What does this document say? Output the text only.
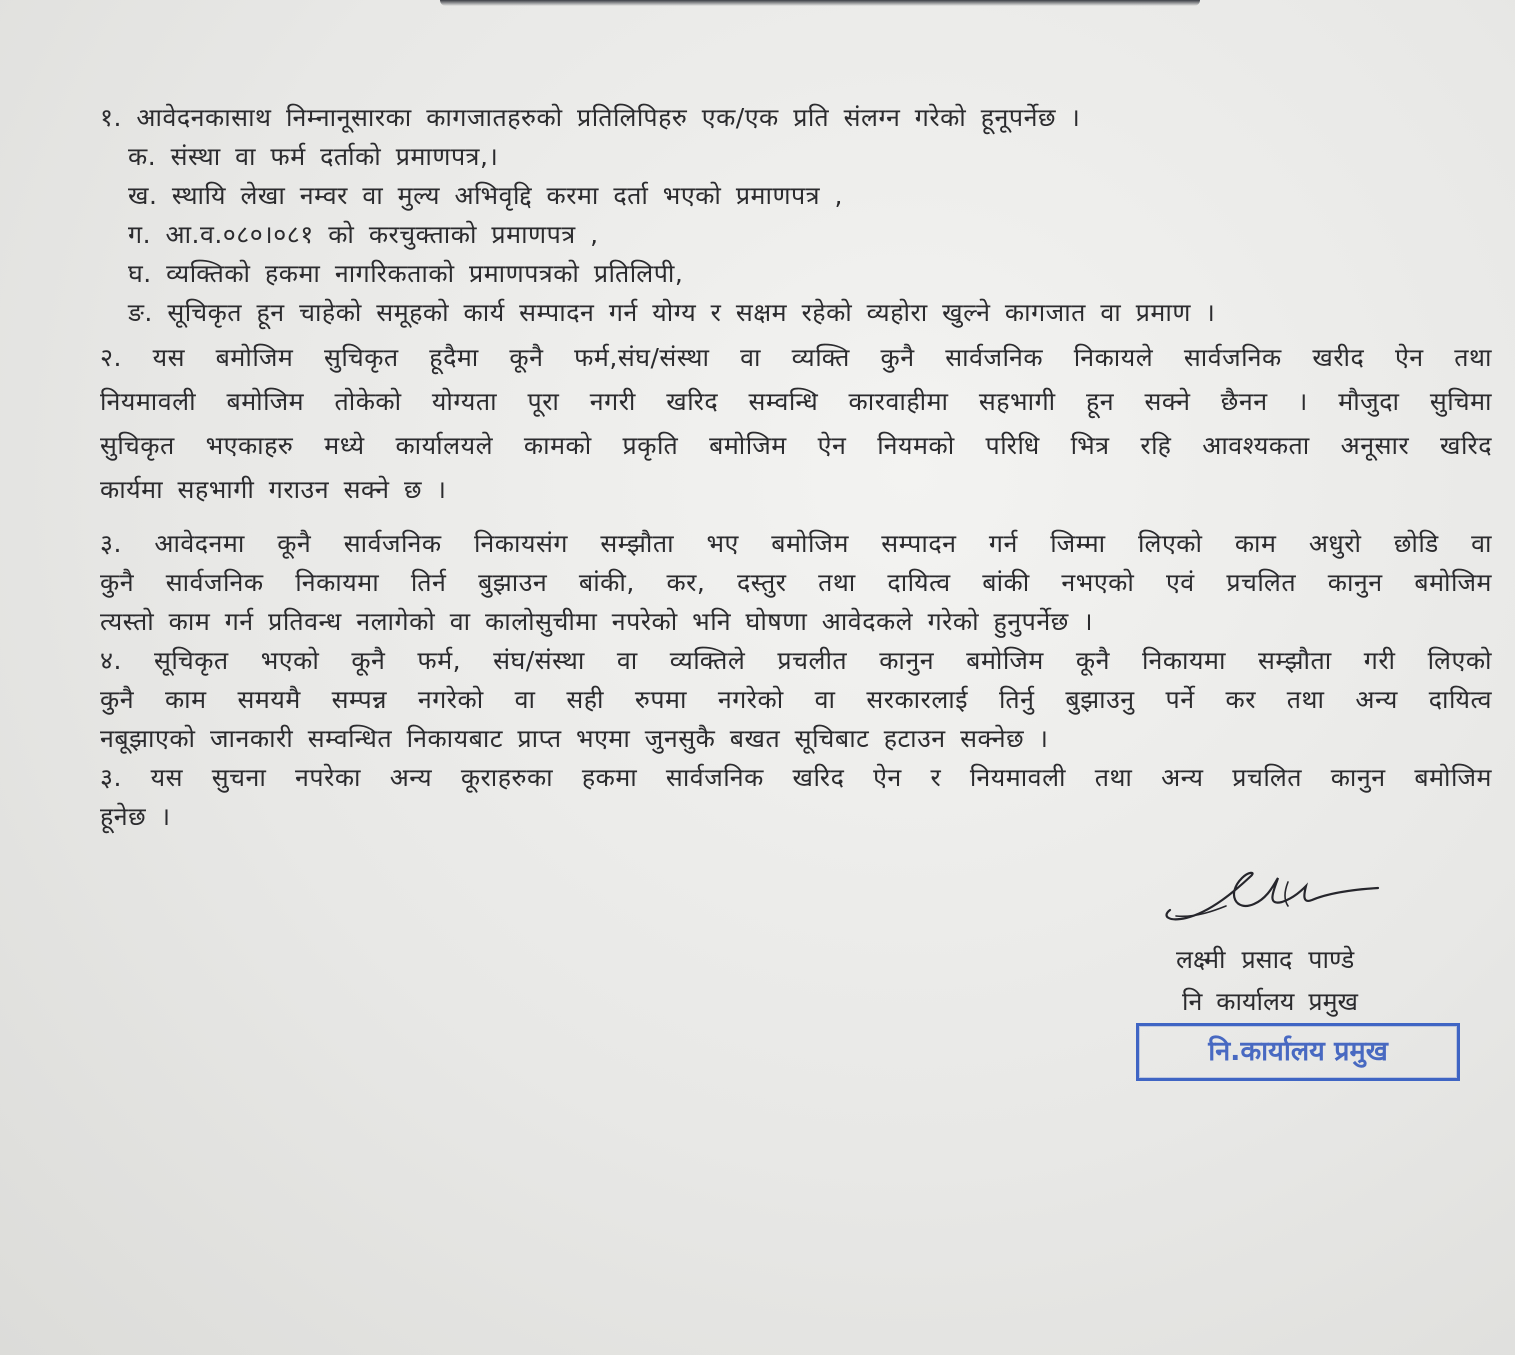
१. आवेदनकासाथ निम्नानूसारका कागजातहरुको प्रतिलिपिहरु एक/एक प्रति संलग्न गरेको हूनूपर्नेछ ।
क. संस्था वा फर्म दर्ताको प्रमाणपत्र,।
ख. स्थायि लेखा नम्वर वा मुल्य अभिवृद्दि करमा दर्ता भएको प्रमाणपत्र ,
ग. आ.व.०८०।०८१ को करचुक्ताको प्रमाणपत्र ,
घ. व्यक्तिको हकमा नागरिकताको प्रमाणपत्रको प्रतिलिपी,
ङ. सूचिकृत हून चाहेको समूहको कार्य सम्पादन गर्न योग्य र सक्षम रहेको व्यहोरा खुल्ने कागजात वा प्रमाण ।
२. यस बमोजिम सुचिकृत हूदैमा कूनै फर्म,संघ/संस्था वा व्यक्ति कुनै सार्वजनिक निकायले सार्वजनिक खरीद ऐन तथा
नियमावली बमोजिम तोकेको योग्यता पूरा नगरी खरिद सम्वन्धि कारवाहीमा सहभागी हून सक्ने छैनन । मौजुदा सुचिमा
सुचिकृत भएकाहरु मध्ये कार्यालयले कामको प्रकृति बमोजिम ऐन नियमको परिधि भित्र रहि आवश्यकता अनूसार खरिद
कार्यमा सहभागी गराउन सक्ने छ ।
३. आवेदनमा कूनै सार्वजनिक निकायसंग सम्झौता भए बमोजिम सम्पादन गर्न जिम्मा लिएको काम अधुरो छोडि वा
कुनै सार्वजनिक निकायमा तिर्न बुझाउन बांकी, कर, दस्तुर तथा दायित्व बांकी नभएको एवं प्रचलित कानुन बमोजिम
त्यस्तो काम गर्न प्रतिवन्ध नलागेको वा कालोसुचीमा नपरेको भनि घोषणा आवेदकले गरेको हुनुपर्नेछ ।
४. सूचिकृत भएको कूनै फर्म, संघ/संस्था वा व्यक्तिले प्रचलीत कानुन बमोजिम कूनै निकायमा सम्झौता गरी लिएको
कुनै काम समयमै सम्पन्न नगरेको वा सही रुपमा नगरेको वा सरकारलाई तिर्नु बुझाउनु पर्ने कर तथा अन्य दायित्व
नबूझाएको जानकारी सम्वन्धित निकायबाट प्राप्त भएमा जुनसुकै बखत सूचिबाट हटाउन सक्नेछ ।
३. यस सुचना नपरेका अन्य कूराहरुका हकमा सार्वजनिक खरिद ऐन र नियमावली तथा अन्य प्रचलित कानुन बमोजिम
हूनेछ ।
लक्ष्मी प्रसाद पाण्डे
नि कार्यालय प्रमुख
नि.कार्यालय प्रमुख
